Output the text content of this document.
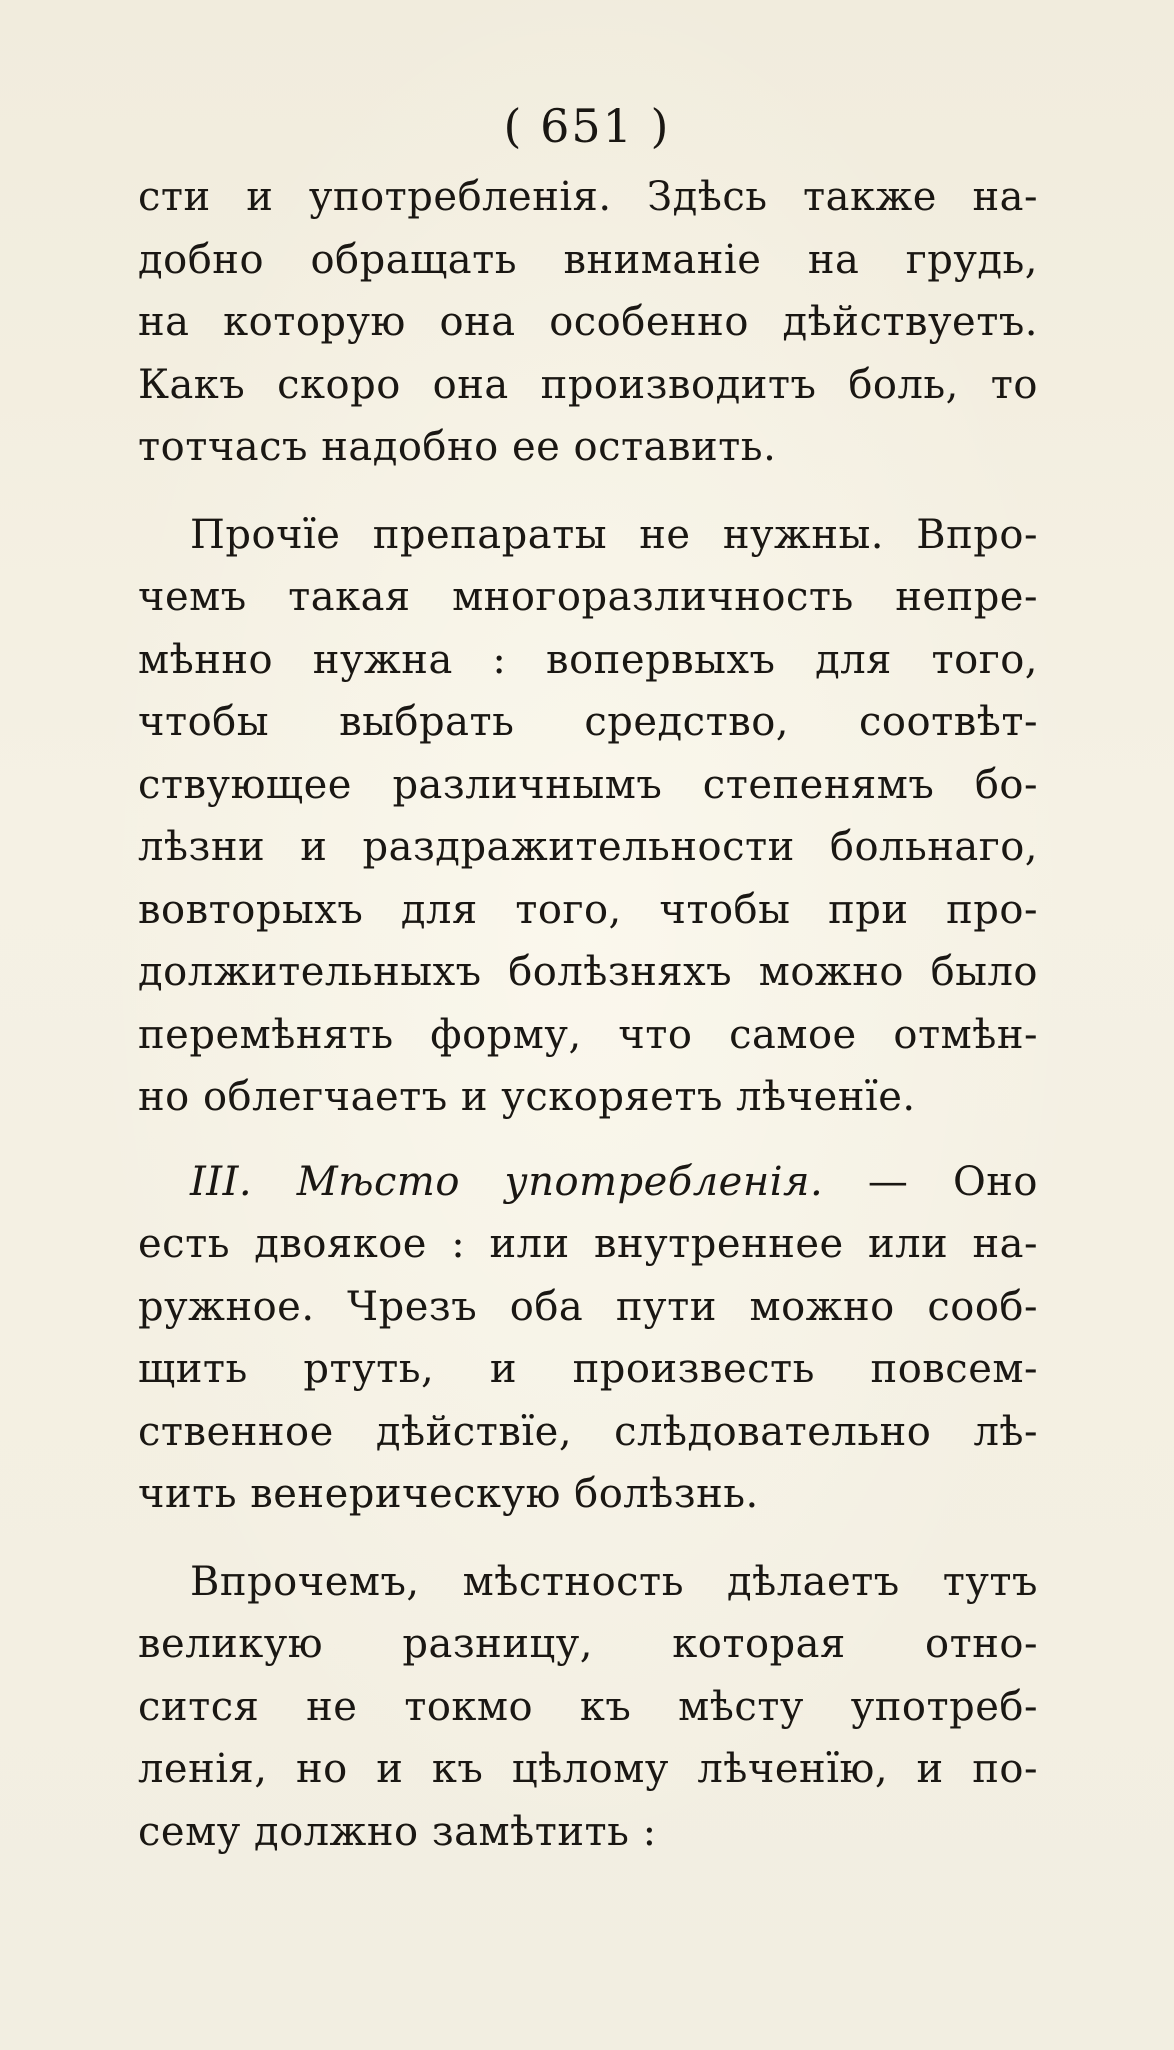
( 651 )
сти и употребленія. Здѣсь также на-
добно обращать вниманіе на грудь,
на которую она особенно дѣйствуетъ.
Какъ скоро она производитъ боль, то
тотчасъ надобно ее оставить.
Прочїе препараты не нужны. Впро-
чемъ такая многоразличность непре-
мѣнно нужна : вопервыхъ для того,
чтобы выбрать средство, соотвѣт-
ствующее различнымъ степенямъ бо-
лѣзни и раздражительности больнаго,
вовторыхъ для того, чтобы при про-
должительныхъ болѣзняхъ можно было
перемѣнять форму, что самое отмѣн-
но облегчаетъ и ускоряетъ лѣченїе.
III. Мѣсто употребленія. — Оно
есть двоякое : или внутреннее или на-
ружное. Чрезъ оба пути можно сооб-
щить ртуть, и произвесть повсем-
ственное дѣйствїе, слѣдовательно лѣ-
чить венерическую болѣзнь.
Впрочемъ, мѣстность дѣлаетъ тутъ
великую разницу, которая отно-
сится не токмо къ мѣсту употреб-
ленія, но и къ цѣлому лѣченїю, и по-
сему должно замѣтить :
